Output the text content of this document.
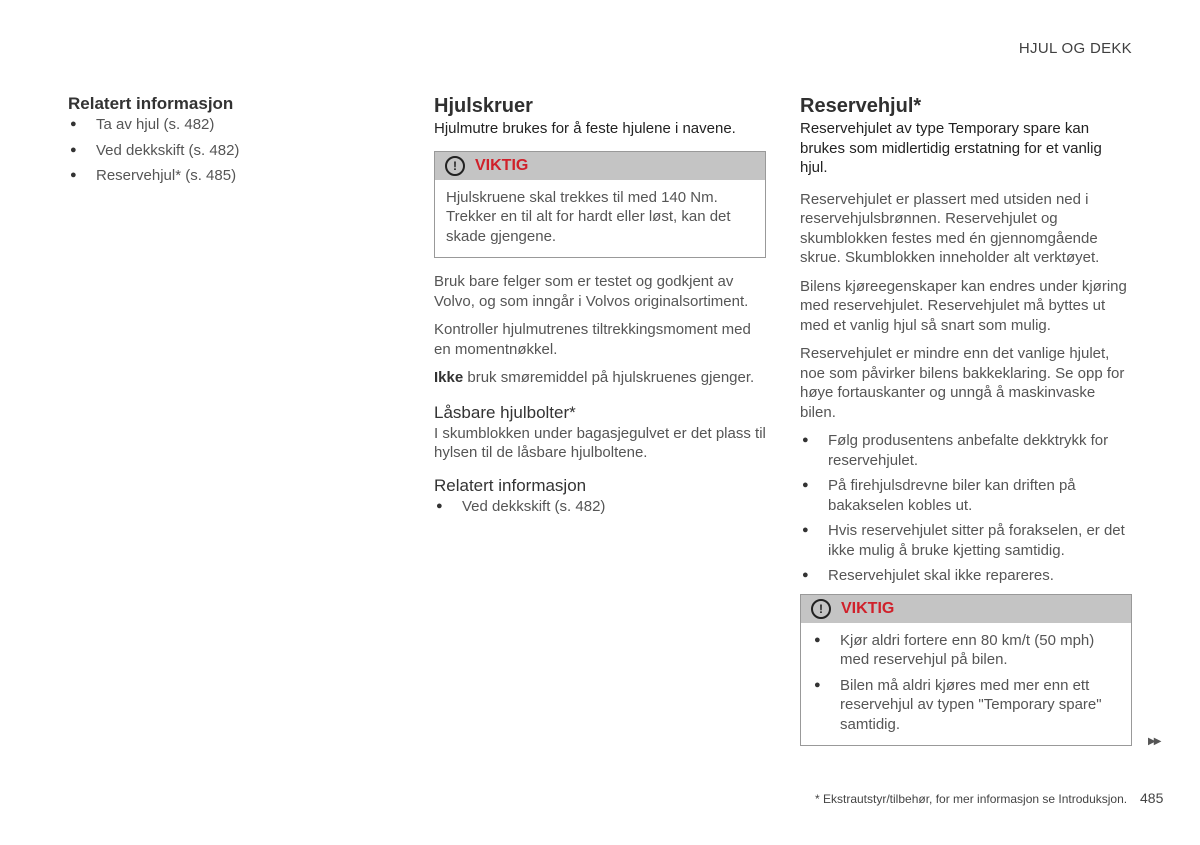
HJUL OG DEKK
Relatert informasjon
● Ta av hjul (s. 482)
● Ved dekkskift (s. 482)
● Reservehjul* (s. 485)
Hjulskruer

Hjulmutre brukes for å feste hjulene i navene.

!	VIKTIG

Hjulskruene skal trekkes til med 140 Nm. Trekker en til alt for hardt eller løst, kan det skade gjengene.

Bruk bare felger som er testet og godkjent av Volvo, og som inngår i Volvos originalsortiment.

Kontroller hjulmutrenes tiltrekkingsmoment med en momentnøkkel.

Ikke bruk smøremiddel på hjulskruenes gjenger.

Låsbare hjulbolter*

I skumblokken under bagasjegulvet er det plass til hylsen til de låsbare hjulboltene.

Relatert informasjon
● Ved dekkskift (s. 482)
Reservehjul*

Reservehjulet av type Temporary spare kan brukes som midlertidig erstatning for et vanlig hjul.

Reservehjulet er plassert med utsiden ned i reservehjulsbrønnen. Reservehjulet og skumblokken festes med én gjennomgående skrue. Skumblokken inneholder alt verktøyet.

Bilens kjøreegenskaper kan endres under kjøring med reservehjulet. Reservehjulet må byttes ut med et vanlig hjul så snart som mulig.

Reservehjulet er mindre enn det vanlige hjulet, noe som påvirker bilens bakkeklaring. Se opp for høye fortauskanter og unngå å maskinvaske bilen.

● Følg produsentens anbefalte dekktrykk for reservehjulet.
● På firehjulsdrevne biler kan driften på bakakselen kobles ut.
● Hvis reservehjulet sitter på forakselen, er det ikke mulig å bruke kjetting samtidig.
● Reservehjulet skal ikke repareres.
!	VIKTIG
● Kjør aldri fortere enn 80 km/t (50 mph) med reservehjul på bilen.
● Bilen må aldri kjøres med mer enn ett reservehjul av typen "Temporary spare" samtidig.
▶▶
* Ekstrautstyr/tilbehør, for mer informasjon se Introduksjon. 485
